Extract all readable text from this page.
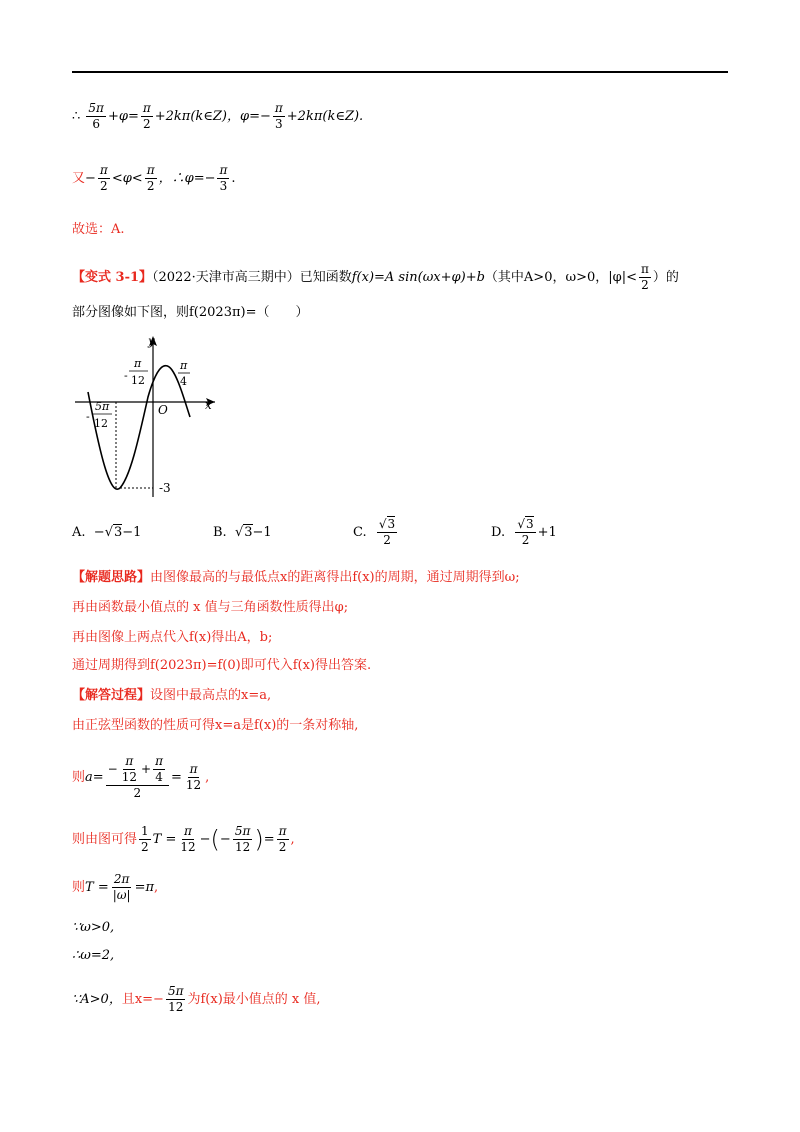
∴ $\frac{5\pi}{6} +\varphi= \frac{\pi}{2}$ +2kπ(k∈Z)，$\varphi=- \frac{\pi}{3}$ +2kπ(k∈Z).
又− $\frac{\pi}{2} <\varphi< \frac{\pi}{2}$ ，∴φ=− $\frac{\pi}{3}$ .
故选：A.
【变式 3-1】（2022·天津市高三期中）已知函数f(x)=A sin(ωx+φ)+b（其中A>0，ω>0，$|\varphi|< \frac{\pi}{2}$ ）的
部分图像如下图，则f(2023π)=（　　）
y
x
O
-
π
12
π
4
-
5π
12
-3
A. −√3−1	B.  √3−1	C. $\frac{√3}{2}$	D. $\frac{√3}{2} +1$
【解题思路】由图像最高的与最低点x的距离得出f(x)的周期，通过周期得到ω;
再由函数最小值点的 x 值与三角函数性质得出φ;
再由图像上两点代入f(x)得出A，b;
通过周期得到f(2023π)=f(0)即可代入f(x)得出答案.
【解答过程】设图中最高点的x=a,
由正弦型函数的性质可得x=a是f(x)的一条对称轴,
则$a= \frac{- \frac{\pi}{12} + \frac{\pi}{4}}{2} = \frac{\pi}{12}$ ,
则由图可得 $\frac{1}{2}$ $T = \frac{\pi}{12}$ −(− $\frac{5\pi}{12}$ )= $\frac{\pi}{2}$ ,
则$T = \frac{2\pi}{|\omega|} =\pi$,
∵ω>0,
∴ω=2,
∵A>0，且$x=- \frac{5\pi}{12}$ 为f(x)最小值点的 x 值,
